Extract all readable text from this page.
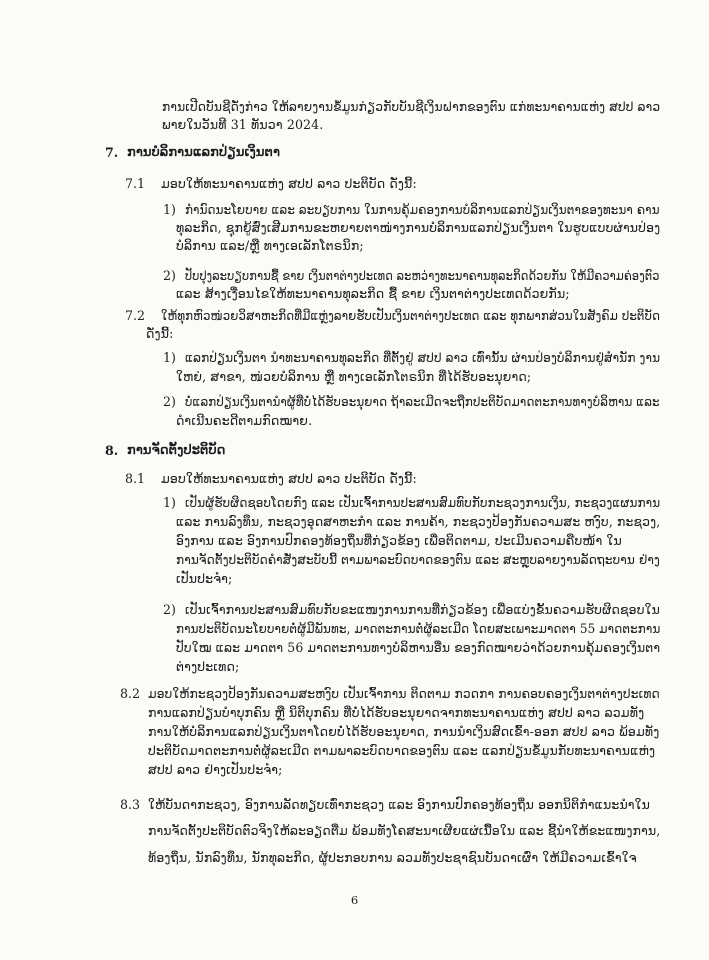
ການເປີດບັນຊີດັ່ງກ່າວ ໃຫ້ລາຍງານຂໍ້ມູນກ່ຽວກັບບັນຊີເງິນຝາກຂອງຕົນ ແກ່ທະນາຄານແຫ່ງ ສປປ ລາວ
ພາຍໃນວັນທີ 31 ທັນວາ 2024.
7. ການບໍລິການແລກປ່ຽນເງິນຕາ
7.1 ມອບໃຫ້ທະນາຄານແຫ່ງ ສປປ ລາວ ປະຕິບັດ ດັ່ງນີ້:
1) ກຳນົດນະໂຍບາຍ ແລະ ລະບຽບການ ໃນການຄຸ້ມຄອງການບໍລິການແລກປ່ຽນເງິນຕາຂອງທະນາ ຄານ
ທຸລະກິດ, ຊຸກຍູ້ສົ່ງເສີມການຂະຫຍາຍຕາໜ່າງການບໍລິການແລກປ່ຽນເງິນຕາ ໃນຮູບແບບຜ່ານປ່ອງ
ບໍລິການ ແລະ/ຫຼື ທາງເອເລັກໂຕຣນິກ;
2) ປັບປຸງລະບຽບການຊື້ ຂາຍ ເງິນຕາຕ່າງປະເທດ ລະຫວ່າງທະນາຄານທຸລະກິດດ້ວຍກັນ ໃຫ້ມີຄວາມຄ່ອງຕົວ
ແລະ ສ້າງເງື່ອນໄຂໃຫ້ທະນາຄານທຸລະກິດ ຊື້ ຂາຍ ເງິນຕາຕ່າງປະເທດດ້ວຍກັນ;
7.2 ໃຫ້ທຸກຫົວໜ່ວຍວິສາຫະກິດທີ່ມີແຫຼ່ງລາຍຮັບເປັນເງິນຕາຕ່າງປະເທດ ແລະ ທຸກພາກສ່ວນໃນສັງຄົມ ປະຕິບັດ
ດັ່ງນີ້:
1) ແລກປ່ຽນເງິນຕາ ນຳທະນາຄານທຸລະກິດ ທີ່ຕັ້ງຢູ່ ສປປ ລາວ ເທົ່ານັ້ນ ຜ່ານປ່ອງບໍລິການຢູ່ສຳນັກ ງານ
ໃຫຍ່, ສາຂາ, ໜ່ວຍບໍລິການ ຫຼື ທາງເອເລັກໂຕຣນິກ ທີ່ໄດ້ຮັບອະນຸຍາດ;
2) ບໍ່ແລກປ່ຽນເງິນຕານຳຜູ້ທີ່ບໍ່ໄດ້ຮັບອະນຸຍາດ ຖ້າລະເມີດຈະຖືກປະຕິບັດມາດຕະການທາງບໍລິຫານ ແລະ
ດຳເນີນຄະດີຕາມກົດໝາຍ.
8. ການຈັດຕັ້ງປະຕິບັດ
8.1 ມອບໃຫ້ທະນາຄານແຫ່ງ ສປປ ລາວ ປະຕິບັດ ດັ່ງນີ້:
1) ເປັນຜູ້ຮັບຜິດຊອບໂດຍກົງ ແລະ ເປັນເຈົ້າການປະສານສົມທົບກັບກະຊວງການເງິນ, ກະຊວງແຜນການ
ແລະ ການລົງທຶນ, ກະຊວງອຸດສາຫະກຳ ແລະ ການຄ້າ, ກະຊວງປ້ອງກັນຄວາມສະ ຫງົບ, ກະຊວງ,
ອົງການ ແລະ ອົງການປົກຄອງທ້ອງຖິ່ນທີ່ກ່ຽວຂ້ອງ ເພື່ອຕິດຕາມ, ປະເມີນຄວາມຄືບໜ້າ ໃນ
ການຈັດຕັ້ງປະຕິບັດຄຳສັ່ງສະບັບນີ້ ຕາມພາລະບົດບາດຂອງຕົນ ແລະ ສະຫຼຸບລາຍງານລັດຖະບານ ຢ່າງ
ເປັນປະຈຳ;
2) ເປັນເຈົ້າການປະສານສົມທົບກັບຂະແໜງການການທີ່ກ່ຽວຂ້ອງ ເພື່ອແບ່ງຂັ້ນຄວາມຮັບຜິດຊອບໃນ
ການປະຕິບັດນະໂຍບາຍຕໍ່ຜູ້ມີພັນທະ, ມາດຕະການຕໍ່ຜູ້ລະເມີດ ໂດຍສະເພາະມາດຕາ 55 ມາດຕະການ
ປັບໃໝ ແລະ ມາດຕາ 56 ມາດຕະການທາງບໍລິຫານອື່ນ ຂອງກົດໝາຍວ່າດ້ວຍການຄຸ້ມຄອງເງິນຕາ
ຕ່າງປະເທດ;
8.2 ມອບໃຫ້ກະຊວງປ້ອງກັນຄວາມສະຫງົບ ເປັນເຈົ້າການ ຕິດຕາມ ກວດກາ ການຄອບຄອງເງິນຕາຕ່າງປະເທດ
ການແລກປ່ຽນບໍາບຸກຄົນ ຫຼື ນິຕິບຸກຄົນ ທີ່ບໍ່ໄດ້ຮັບອະນຸຍາດຈາກທະນາຄານແຫ່ງ ສປປ ລາວ ລວມທັງ
ການໃຫ້ບໍລິການແລກປ່ຽນເງິນຕາໂດຍບໍ່ໄດ້ຮັບອະນຸຍາດ, ການນຳເງິນສົດເຂົ້າ-ອອກ ສປປ ລາວ ພ້ອມທັງ
ປະຕິບັດມາດຕະການຕໍ່ຜູ້ລະເມີດ ຕາມພາລະບົດບາດຂອງຕົນ ແລະ ແລກປ່ຽນຂໍ້ມູນກັບທະນາຄານແຫ່ງ
ສປປ ລາວ ຢ່າງເປັນປະຈຳ;
8.3 ໃຫ້ບັນດາກະຊວງ, ອົງການລັດທຽບເທົ່າກະຊວງ ແລະ ອົງການປົກຄອງທ້ອງຖິ່ນ ອອກນິຕິກຳແນະນຳໃນ
ການຈັດຕັ້ງປະຕິບັດຕົວຈິງໃຫ້ລະອຽດຕື່ມ ພ້ອມທັງໂຄສະນາເຜີຍແຜ່ເນື້ອໃນ ແລະ ຊີ້ນໍາໃຫ້ຂະແໜງການ,
ທ້ອງຖິ່ນ, ນັກລົງທຶນ, ນັກທຸລະກິດ, ຜູ້ປະກອບການ ລວມທັງປະຊາຊົນບັນດາເຜົ່າ ໃຫ້ມີຄວາມເຂົ້າໃຈ
6
